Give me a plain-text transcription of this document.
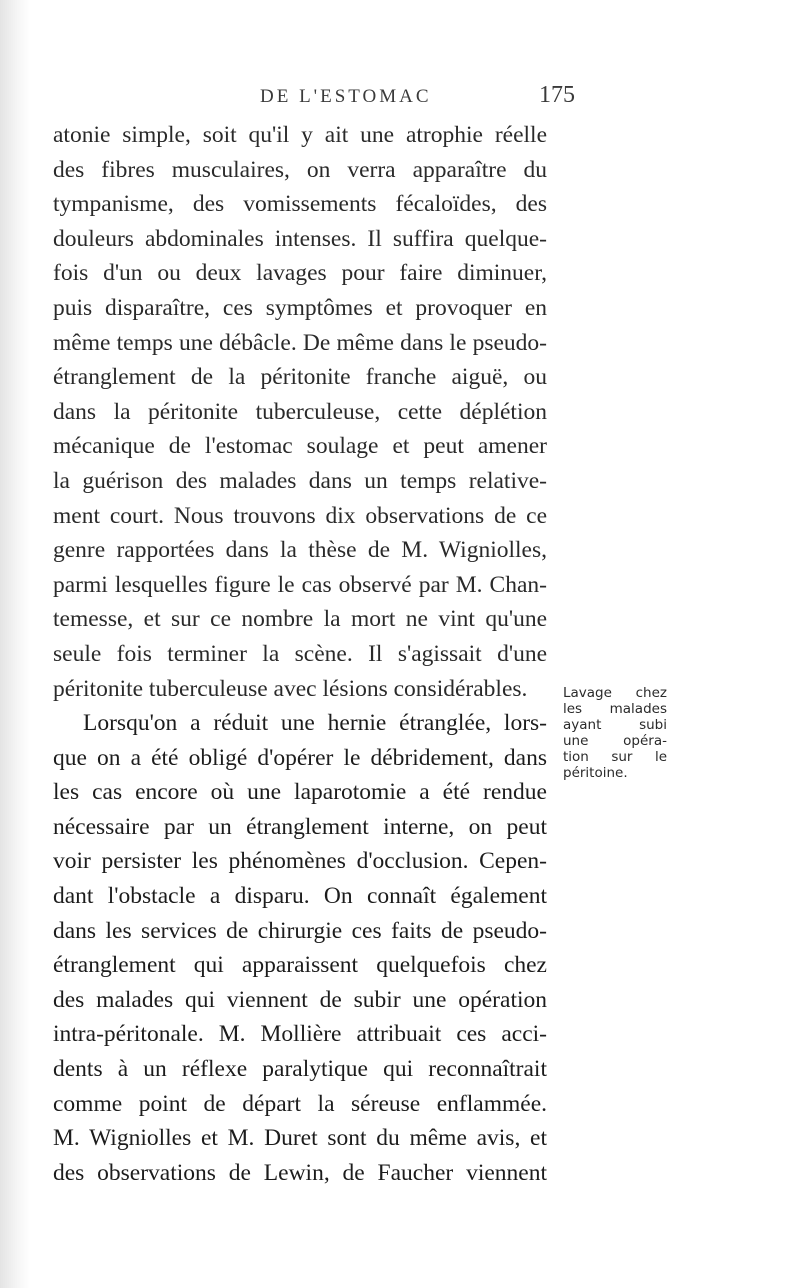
DE L'ESTOMAC	175
atonie simple, soit qu'il y ait une atrophie réelle
des fibres musculaires, on verra apparaître du
tympanisme, des vomissements fécaloïdes, des
douleurs abdominales intenses. Il suffira quelque-
fois d'un ou deux lavages pour faire diminuer,
puis disparaître, ces symptômes et provoquer en
même temps une débâcle. De même dans le pseudo-
étranglement de la péritonite franche aiguë, ou
dans la péritonite tuberculeuse, cette déplétion
mécanique de l'estomac soulage et peut amener
la guérison des malades dans un temps relative-
ment court. Nous trouvons dix observations de ce
genre rapportées dans la thèse de M. Wigniolles,
parmi lesquelles figure le cas observé par M. Chan-
temesse, et sur ce nombre la mort ne vint qu'une
seule fois terminer la scène. Il s'agissait d'une
péritonite tuberculeuse avec lésions considérables.
Lorsqu'on a réduit une hernie étranglée, lors-
que on a été obligé d'opérer le débridement, dans
les cas encore où une laparotomie a été rendue
nécessaire par un étranglement interne, on peut
voir persister les phénomènes d'occlusion. Cepen-
dant l'obstacle a disparu. On connaît également
dans les services de chirurgie ces faits de pseudo-
étranglement qui apparaissent quelquefois chez
des malades qui viennent de subir une opération
intra-péritonale. M. Mollière attribuait ces acci-
dents à un réflexe paralytique qui reconnaîtrait
comme point de départ la séreuse enflammée.
M. Wigniolles et M. Duret sont du même avis, et
des observations de Lewin, de Faucher viennent
Lavage chez
les malades
ayant subi
une opéra-
tion sur le
péritoine.
